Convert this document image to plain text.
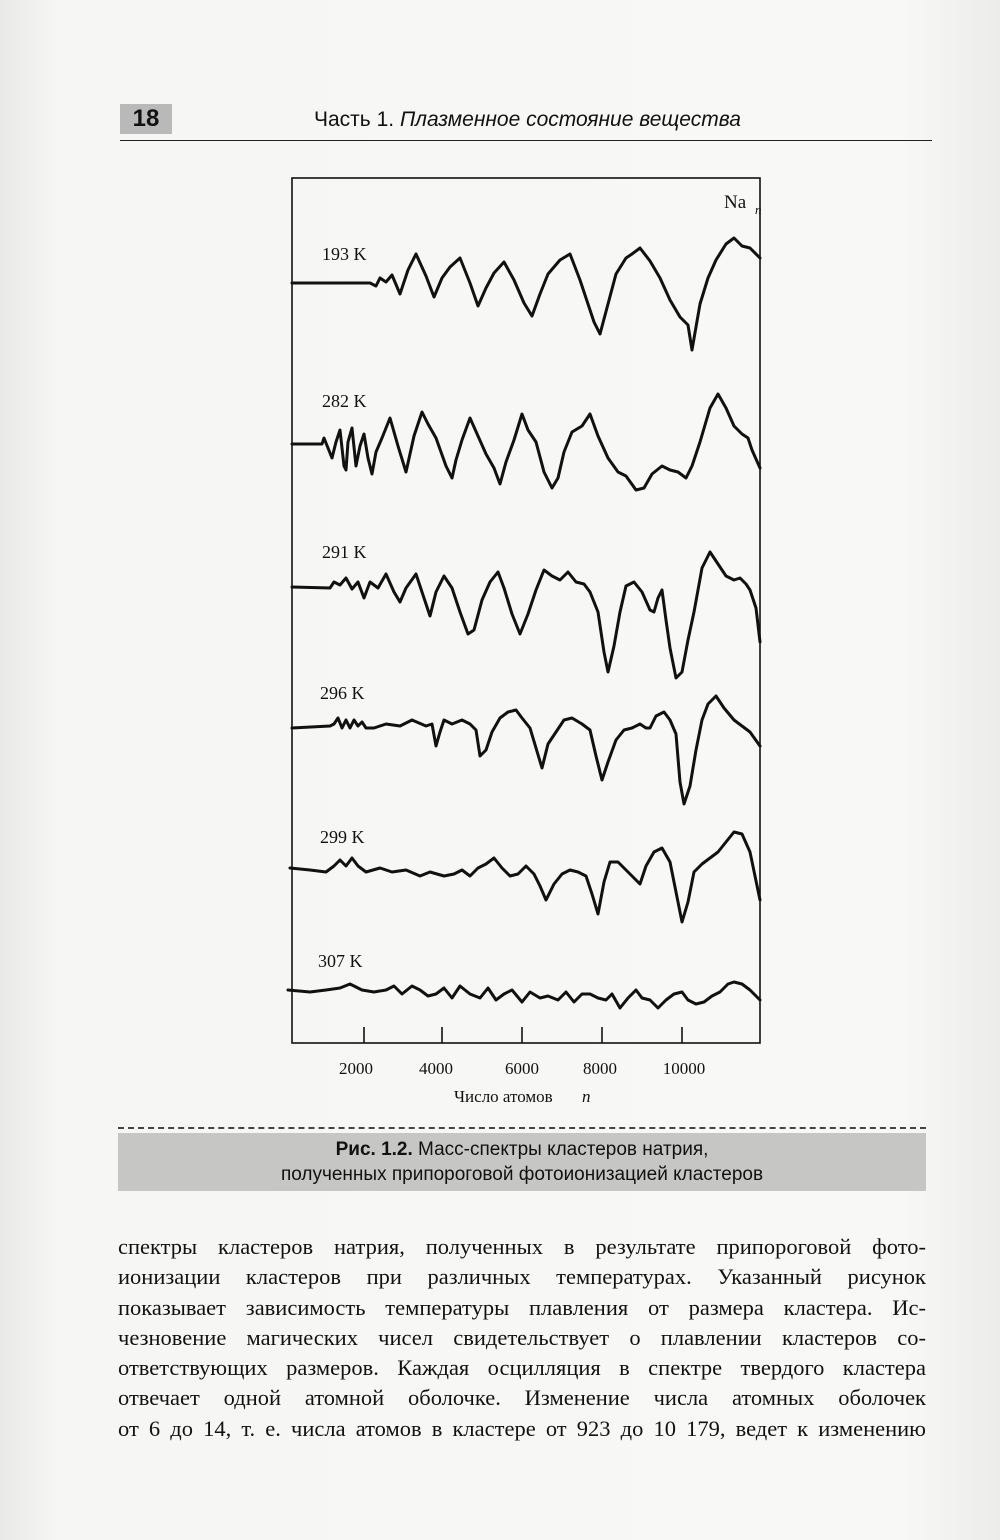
18	Часть 1. Плазменное состояние вещества
Na n
193 K
282 K
291 K
296 K
299 K
307 K
2000	4000	6000	8000	10000
Число атомов n
Рис. 1.2. Масс-спектры кластеров натрия,
полученных припороговой фотоионизацией кластеров
спектры кластеров натрия, полученных в результате припороговой фото-
ионизации кластеров при различных температурах. Указанный рисунок
показывает зависимость температуры плавления от размера кластера. Ис-
чезновение магических чисел свидетельствует о плавлении кластеров со-
ответствующих размеров. Каждая осцилляция в спектре твердого кластера
отвечает одной атомной оболочке. Изменение числа атомных оболочек
от 6 до 14, т. е. числа атомов в кластере от 923 до 10 179, ведет к изменению
